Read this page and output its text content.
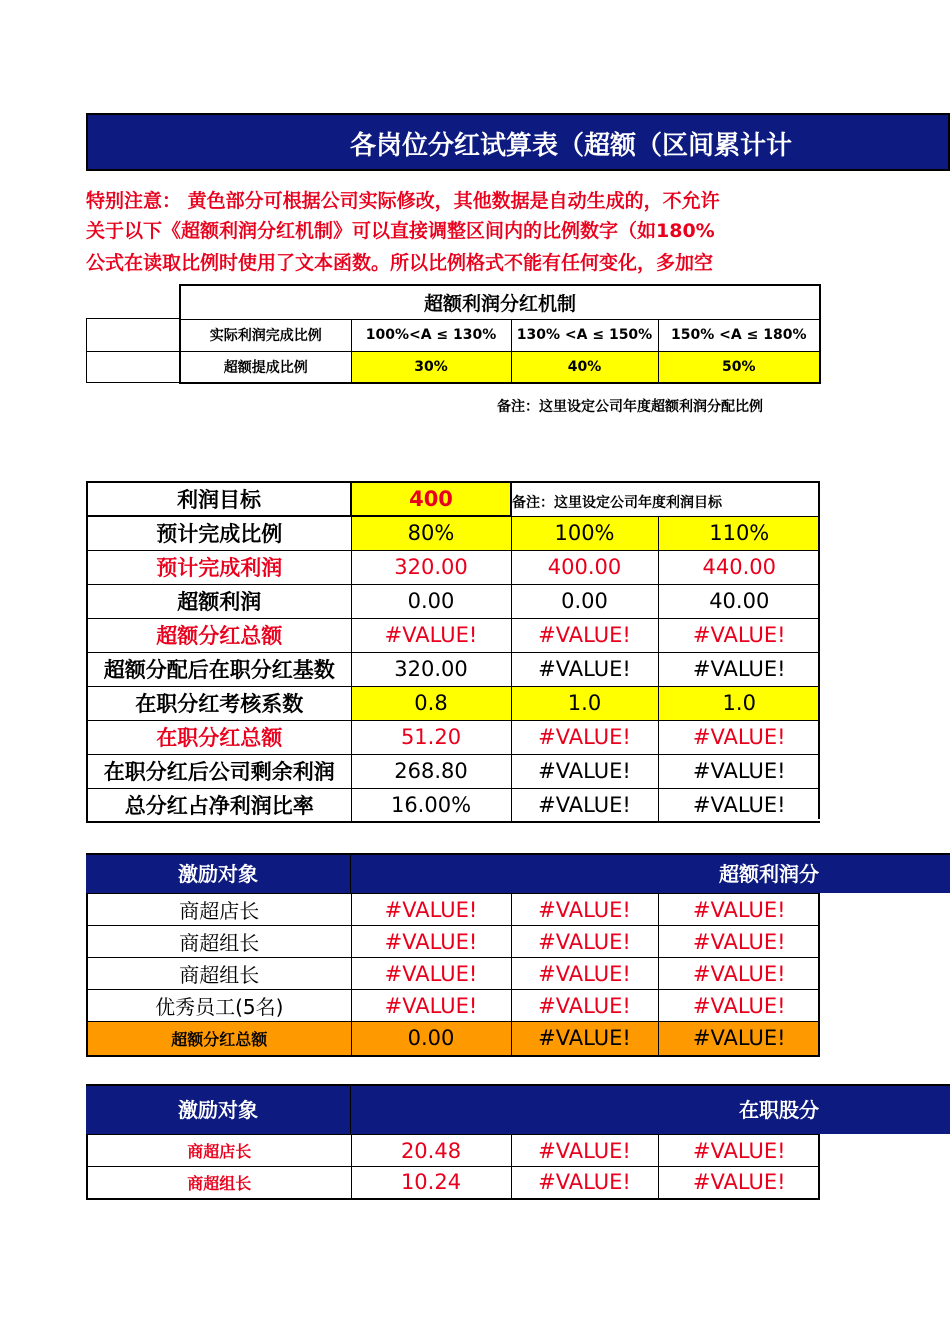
各岗位分红试算表（超额（区间累计计
特别注意： 黄色部分可根据公司实际修改，其他数据是自动生成的，不允许
关于以下《超额利润分红机制》可以直接调整区间内的比例数字（如180%
公式在读取比例时使用了文本函数。所以比例格式不能有任何变化，多加空
超额利润分红机制			
实际利润完成比例	100%<A ≤ 130%	130% <A ≤ 150%	150% <A ≤ 180%
超额提成比例	30%	40%	50%
备注：这里设定公司年度超额利润分配比例
利润目标	400	备注：这里设定公司年度利润目标	
预计完成比例	80%	100%	110%
预计完成利润	320.00	400.00	440.00
超额利润	0.00	0.00	40.00
超额分红总额	#VALUE!	#VALUE!	#VALUE!
超额分配后在职分红基数	320.00	#VALUE!	#VALUE!
在职分红考核系数	0.8	1.0	1.0
在职分红总额	51.20	#VALUE!	#VALUE!
在职分红后公司剩余利润	268.80	#VALUE!	#VALUE!
总分红占净利润比率	16.00%	#VALUE!	#VALUE!
激励对象	超额利润分
商超店长	#VALUE!	#VALUE!	#VALUE!
商超组长	#VALUE!	#VALUE!	#VALUE!
商超组长	#VALUE!	#VALUE!	#VALUE!
优秀员工(5名)	#VALUE!	#VALUE!	#VALUE!
超额分红总额	0.00	#VALUE!	#VALUE!
激励对象	在职股分
商超店长	20.48	#VALUE!	#VALUE!
商超组长	10.24	#VALUE!	#VALUE!
